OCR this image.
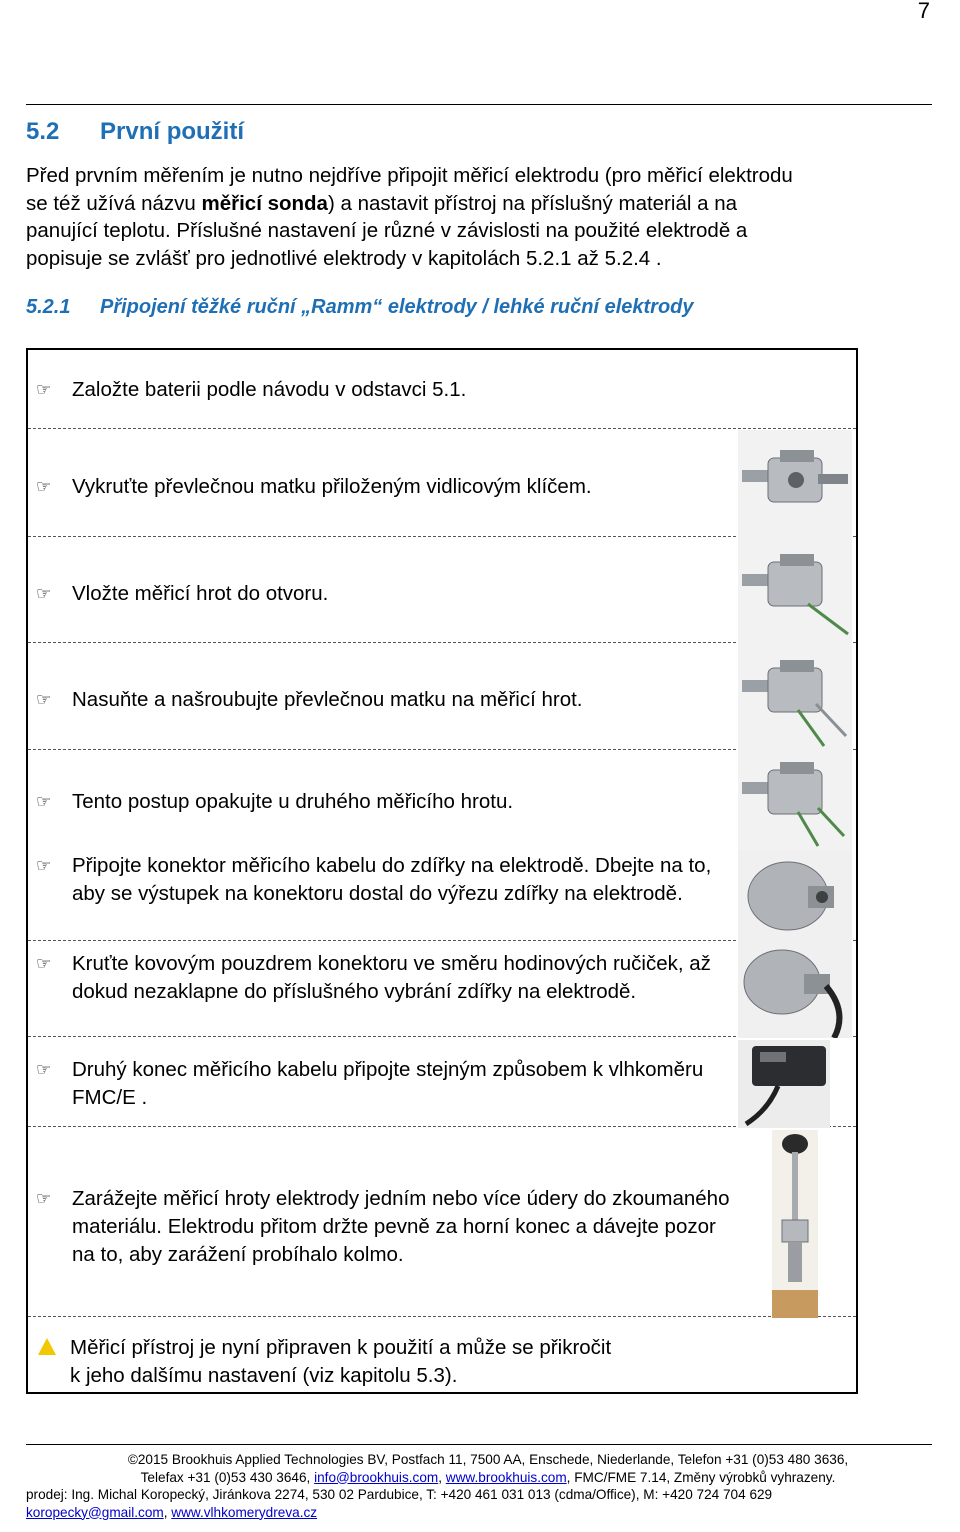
7
5.2 První použití

Před prvním měřením je nutno nejdříve připojit měřicí elektrodu (pro měřicí elektrodu
se též užívá názvu měřicí sonda) a nastavit přístroj na příslušný materiál a na
panující teplotu. Příslušné nastavení je různé v závislosti na použité elektrodě a
popisuje se zvlášť pro jednotlivé elektrody v kapitolách 5.2.1 až 5.2.4 .

5.2.1 Připojení těžké ruční „Ramm“ elektrody / lehké ruční elektrody
☞ Založte baterii podle návodu v odstavci 5.1.
☞ Vykruťte převlečnou matku přiloženým vidlicovým klíčem.
☞ Vložte měřicí hrot do otvoru.
☞ Nasuňte a našroubujte převlečnou matku na měřicí hrot.
☞ Tento postup opakujte u druhého měřicího hrotu.
☞ Připojte konektor měřicího kabelu do zdířky na elektrodě. Dbejte na to, aby se výstupek na konektoru dostal do výřezu zdířky na elektrodě.
☞ Kruťte kovovým pouzdrem konektoru ve směru hodinových ručiček, až dokud nezaklapne do příslušného vybrání zdířky na elektrodě.
☞ Druhý konec měřicího kabelu připojte stejným způsobem k vlhkoměru FMC/E .
☞ Zarážejte měřicí hroty elektrody jedním nebo více údery do zkoumaného materiálu. Elektrodu přitom držte pevně za horní konec a dávejte pozor na to, aby zarážení probíhalo kolmo.
Měřicí přístroj je nyní připraven k použití a může se přikročit
k jeho dalšímu nastavení (viz kapitolu 5.3).
©2015 Brookhuis Applied Technologies BV, Postfach 11, 7500 AA, Enschede, Niederlande, Telefon +31 (0)53 480 3636,
Telefax +31 (0)53 430 3646, info@brookhuis.com, www.brookhuis.com, FMC/FME 7.14, Změny výrobků vyhrazeny.
prodej: Ing. Michal Koropecký, Jiránkova 2274, 530 02 Pardubice, T: +420 461 031 013 (cdma/Office), M: +420 724 704 629
koropecky@gmail.com, www.vlhkomerydreva.cz
